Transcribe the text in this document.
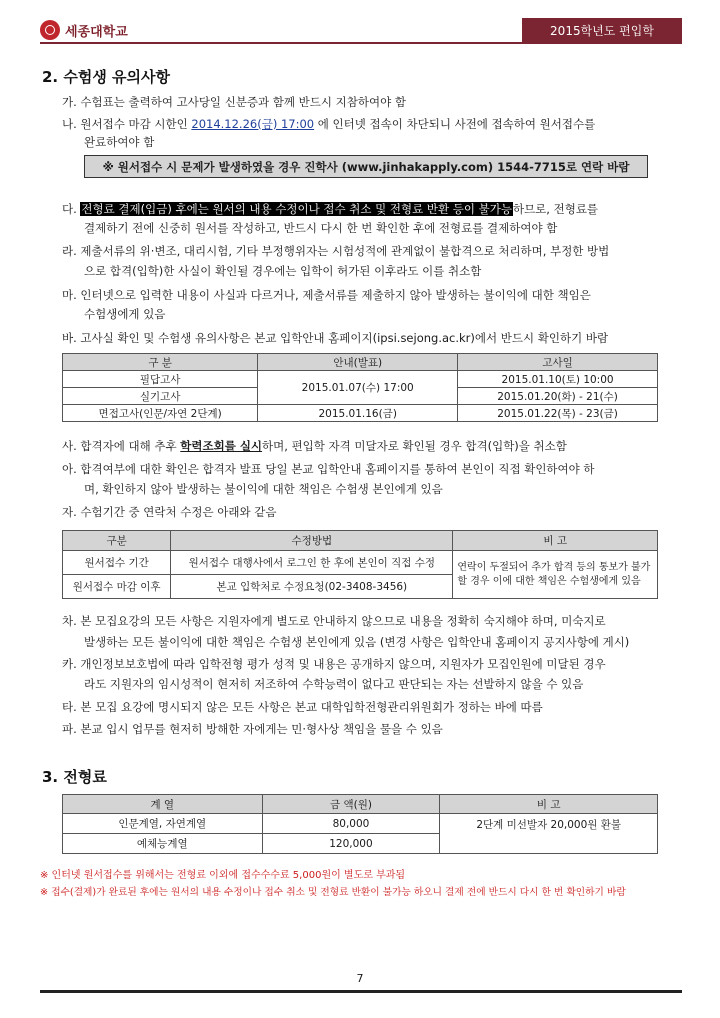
세종대학교	2015학년도 편입학
2. 수험생 유의사항
가. 수험표는 출력하여 고사당일 신분증과 함께 반드시 지참하여야 함
나. 원서접수 마감 시한인 2014.12.26(금) 17:00 에 인터넷 접속이 차단되니 사전에 접속하여 원서접수를
완료하여야 함
※ 원서접수 시 문제가 발생하였을 경우 진학사 (www.jinhakapply.com) 1544-7715로 연락 바람
다. 전형료 결제(입금) 후에는 원서의 내용 수정이나 접수 취소 및 전형료 반환 등이 불가능하므로, 전형료를
결제하기 전에 신중히 원서를 작성하고, 반드시 다시 한 번 확인한 후에 전형료를 결제하여야 함
라. 제출서류의 위·변조, 대리시험, 기타 부정행위자는 시험성적에 관계없이 불합격으로 처리하며, 부정한 방법
으로 합격(입학)한 사실이 확인될 경우에는 입학이 허가된 이후라도 이를 취소함
마. 인터넷으로 입력한 내용이 사실과 다르거나, 제출서류를 제출하지 않아 발생하는 불이익에 대한 책임은
수험생에게 있음
바. 고사실 확인 및 수험생 유의사항은 본교 입학안내 홈페이지(ipsi.sejong.ac.kr)에서 반드시 확인하기 바람
구 분	안내(발표)	고사일
필답고사	2015.01.07(수) 17:00	2015.01.10(토) 10:00
실기고사		2015.01.20(화) - 21(수)
면접고사(인문/자연 2단계)	2015.01.16(금)	2015.01.22(목) - 23(금)
사. 합격자에 대해 추후 학력조회를 실시하며, 편입학 자격 미달자로 확인될 경우 합격(입학)을 취소함
아. 합격여부에 대한 확인은 합격자 발표 당일 본교 입학안내 홈페이지를 통하여 본인이 직접 확인하여야 하
며, 확인하지 않아 발생하는 불이익에 대한 책임은 수험생 본인에게 있음
자. 수험기간 중 연락처 수정은 아래와 같음
구분	수정방법	비 고
원서접수 기간	원서접수 대행사에서 로그인 한 후에 본인이 직접 수정	연락이 두절되어 추가 합격 등의 통보가 불가할 경우 이에 대한 책임은 수험생에게 있음
원서접수 마감 이후	본교 입학처로 수정요청(02-3408-3456)	
차. 본 모집요강의 모든 사항은 지원자에게 별도로 안내하지 않으므로 내용을 정확히 숙지해야 하며, 미숙지로
발생하는 모든 불이익에 대한 책임은 수험생 본인에게 있음 (변경 사항은 입학안내 홈페이지 공지사항에 게시)
카. 개인정보보호법에 따라 입학전형 평가 성적 및 내용은 공개하지 않으며, 지원자가 모집인원에 미달된 경우
라도 지원자의 임시성적이 현저히 저조하여 수학능력이 없다고 판단되는 자는 선발하지 않을 수 있음
타. 본 모집 요강에 명시되지 않은 모든 사항은 본교 대학입학전형관리위원회가 정하는 바에 따름
파. 본교 입시 업무를 현저히 방해한 자에게는 민·형사상 책임을 물을 수 있음
3. 전형료
계 열	금 액(원)	비 고
인문계열, 자연계열	80,000	2단계 미선발자 20,000원 환불
예체능계열	120,000	
※ 인터넷 원서접수를 위해서는 전형료 이외에 접수수수료 5,000원이 별도로 부과됨
※ 접수(결제)가 완료된 후에는 원서의 내용 수정이나 접수 취소 및 전형료 반환이 불가능 하오니 결제 전에 반드시 다시 한 번 확인하기 바람
7
